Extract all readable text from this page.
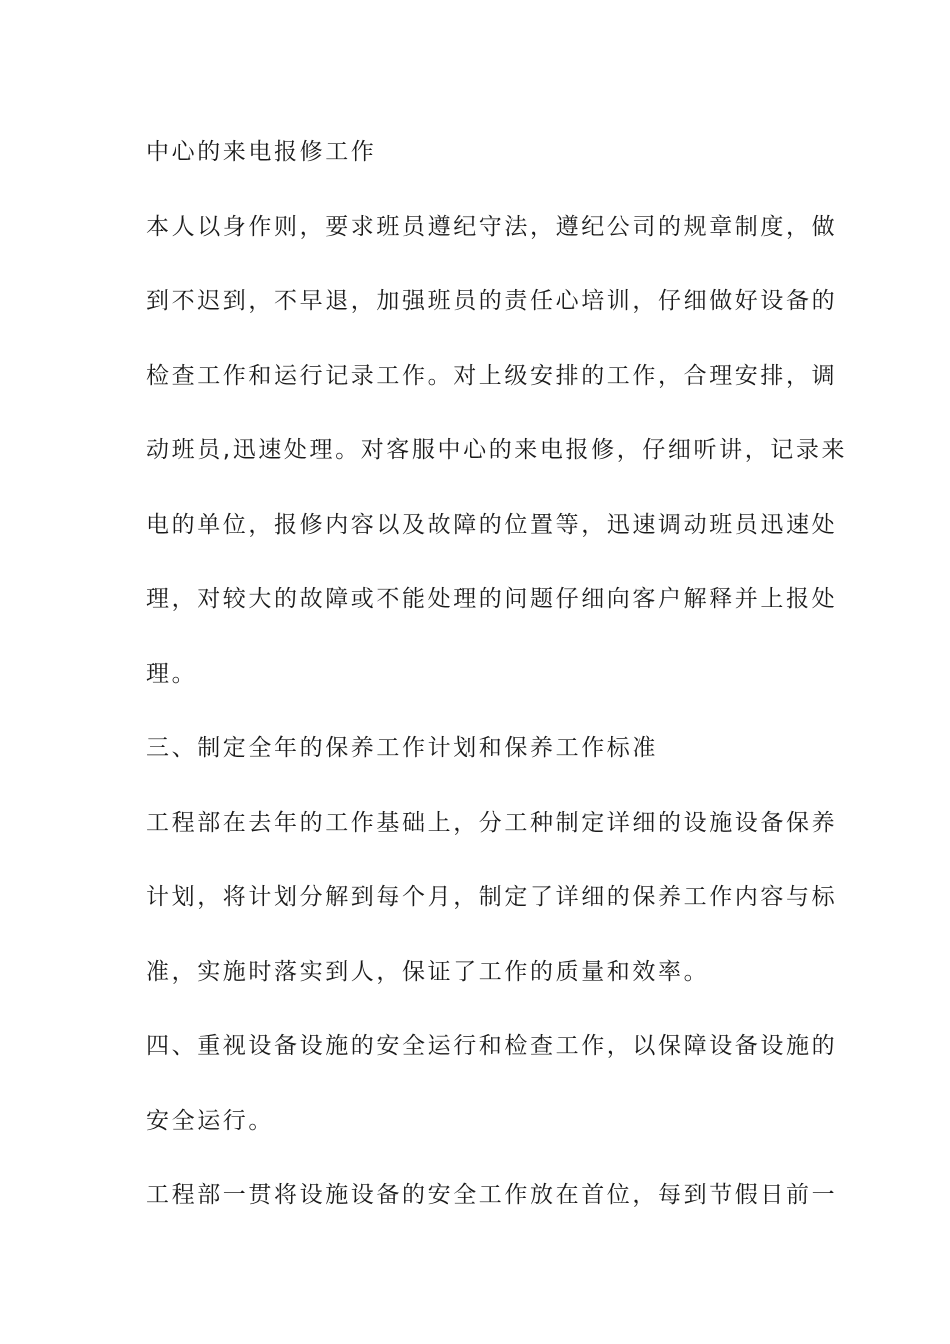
中心的来电报修工作

本人以身作则，要求班员遵纪守法，遵纪公司的规章制度，做

到不迟到，不早退，加强班员的责任心培训，仔细做好设备的

检查工作和运行记录工作。对上级安排的工作，合理安排，调

动班员,迅速处理。对客服中心的来电报修，仔细听讲，记录来

电的单位，报修内容以及故障的位置等，迅速调动班员迅速处

理，对较大的故障或不能处理的问题仔细向客户解释并上报处

理。

三、制定全年的保养工作计划和保养工作标准

工程部在去年的工作基础上，分工种制定详细的设施设备保养

计划，将计划分解到每个月，制定了详细的保养工作内容与标

准，实施时落实到人，保证了工作的质量和效率。

四、重视设备设施的安全运行和检查工作，以保障设备设施的

安全运行。

工程部一贯将设施设备的安全工作放在首位，每到节假日前一
